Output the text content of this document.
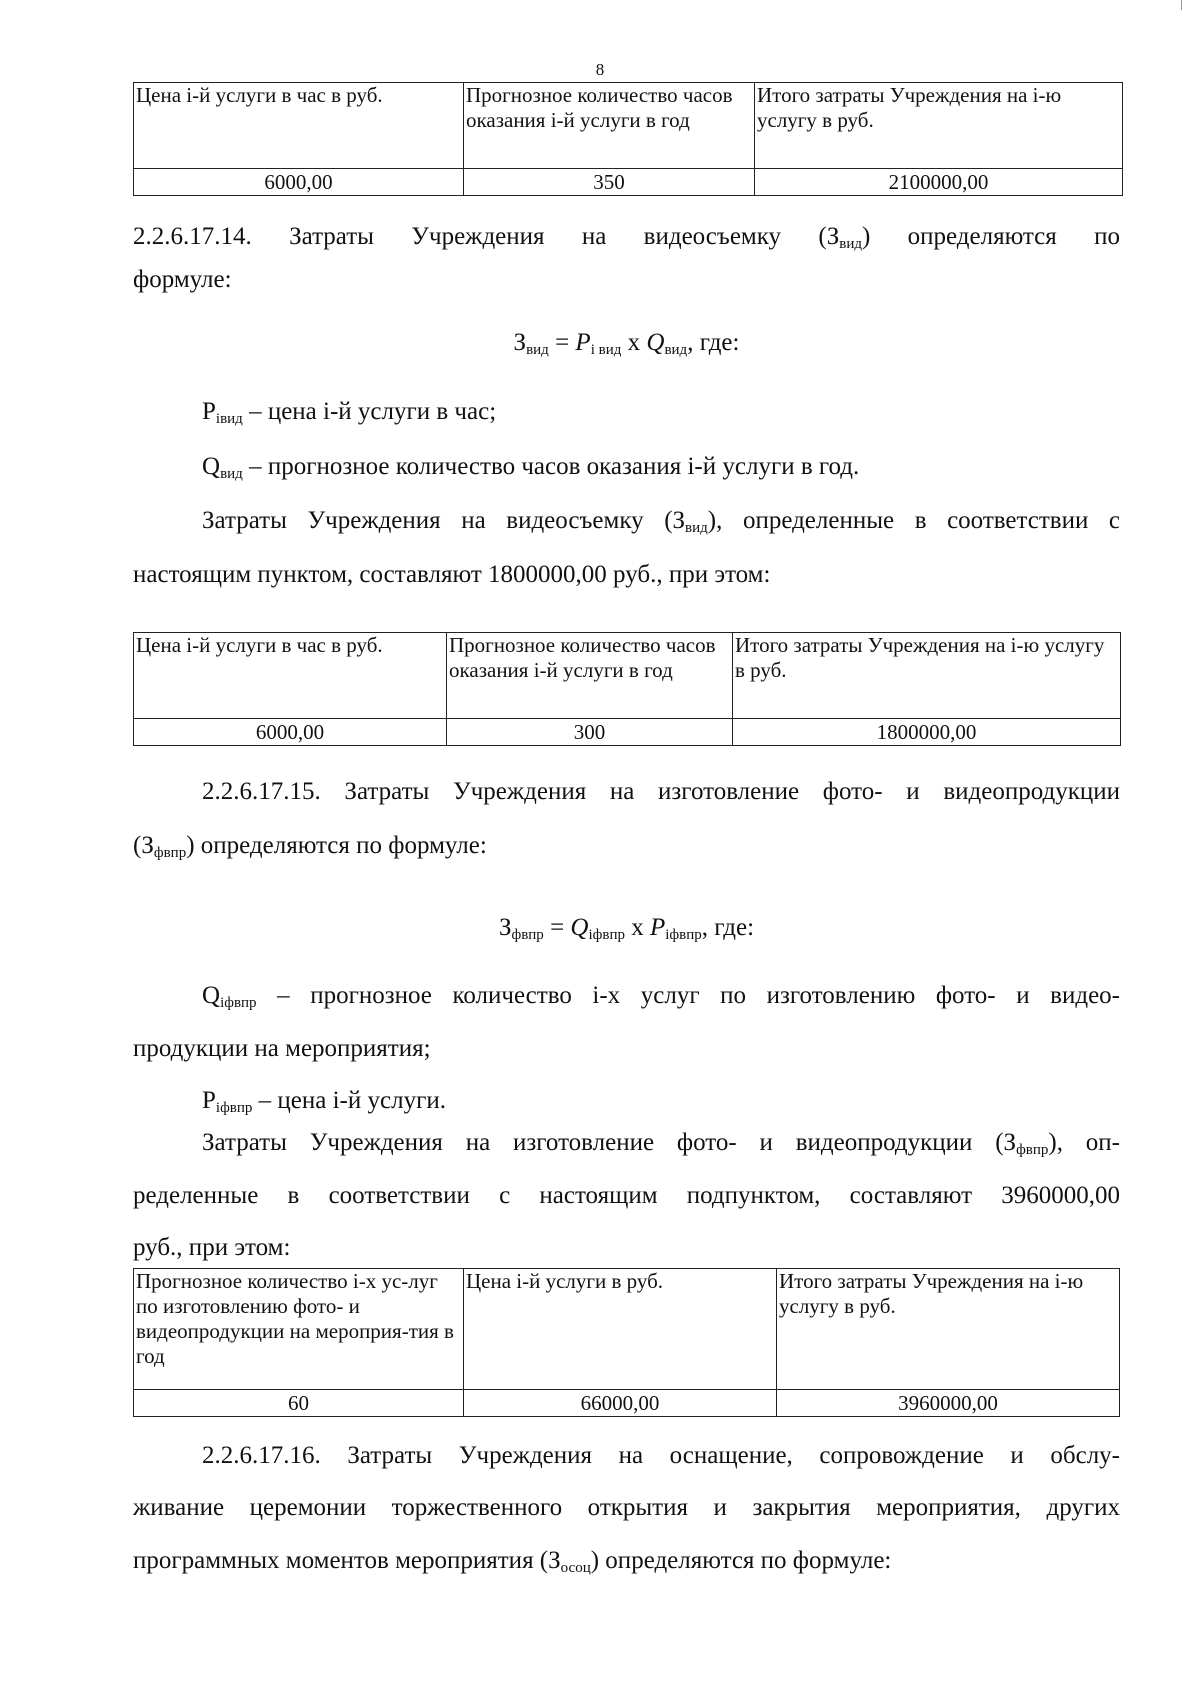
8
Цена i-й услуги в час в руб.	Прогнозное количество часов оказания i-й услуги в год	Итого затраты Учреждения на i-ю услугу в руб.
6000,00	350	2100000,00
2.2.6.17.14. Затраты Учреждения на видеосъемку $(З_{вид})$ определяются по
формуле:
$З_{вид} = P_{i вид}$ x $Q_{вид}$, где:
$P_{iвид}$ – цена i-й услуги в час;
$Q_{вид}$ – прогнозное количество часов оказания i-й услуги в год.
Затраты Учреждения на видеосъемку $(З_{вид})$, определенные в соответствии с
настоящим пунктом, составляют 1800000,00 руб., при этом:
Цена i-й услуги в час в руб.	Прогнозное количество часов оказания i-й услуги в год	Итого затраты Учреждения на i-ю услугу в руб.
6000,00	300	1800000,00
2.2.6.17.15. Затраты Учреждения на изготовление фото- и видеопродукции
$(З_{фвпр})$ определяются по формуле:
$З_{фвпр} = Q_{iфвпр}$ x $P_{iфвпр}$, где:
$Q_{iфвпр}$ – прогнозное количество i-х услуг по изготовлению фото- и видео-
продукции на мероприятия;
$P_{iфвпр}$ – цена i-й услуги.
Затраты Учреждения на изготовление фото- и видеопродукции $(З_{фвпр})$, оп-
ределенные в соответствии с настоящим подпунктом, составляют 3960000,00
руб., при этом:
Прогнозное количество i-х ус-луг по изготовлению фото- и видеопродукции на мероприя-тия в год	Цена i-й услуги в руб.	Итого затраты Учреждения на i-ю услугу в руб.
60	66000,00	3960000,00
2.2.6.17.16. Затраты Учреждения на оснащение, сопровождение и обслу-
живание церемонии торжественного открытия и закрытия мероприятия, других
программных моментов мероприятия $(З_{осоц})$ определяются по формуле:
